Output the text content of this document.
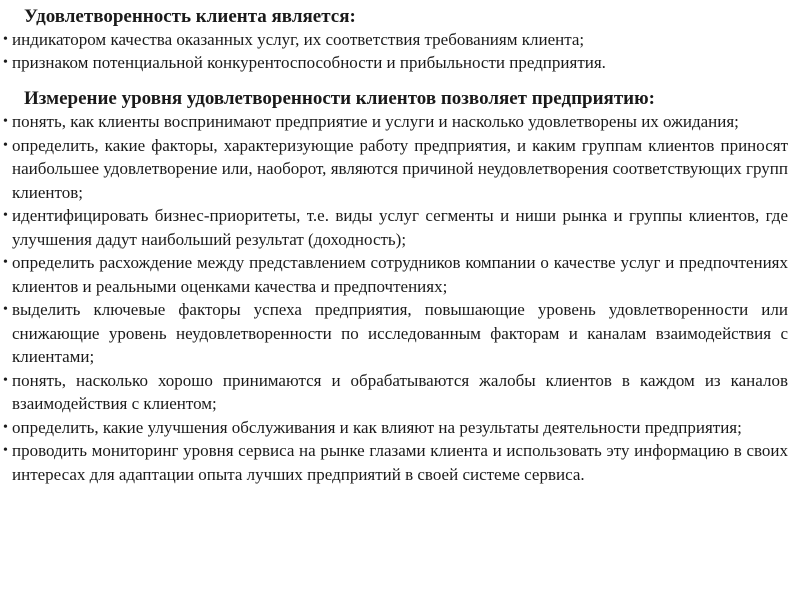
Удовлетворенность клиента является:
• индикатором качества оказанных услуг, их соответствия требованиям клиента;
• признаком потенциальной конкурентоспособности и прибыльности предприятия.
Измерение уровня удовлетворенности клиентов позволяет предприятию:
• понять, как клиенты воспринимают предприятие и услуги и насколько удовлетворены их ожидания;
• определить, какие факторы, характеризующие работу предприятия, и каким группам клиентов приносят наибольшее удовлетворение или, наоборот, являются причиной неудовлетворения соответствующих групп клиентов;
• идентифицировать бизнес-приоритеты, т.е. виды услуг сегменты и ниши рынка и группы клиентов, где улучшения дадут наибольший результат (доходность);
• определить расхождение между представлением сотрудников компании о качестве услуг и предпочтениях клиентов и реальными оценками качества и предпочтениях;
• выделить ключевые факторы успеха предприятия, повышающие уровень удовлетворенности или снижающие уровень неудовлетворенности по исследованным факторам и каналам взаимодействия с клиентами;
• понять, насколько хорошо принимаются и обрабатываются жалобы клиентов в каждом из каналов взаимодействия с клиентом;
• определить, какие улучшения обслуживания и как влияют на результаты деятельности предприятия;
• проводить мониторинг уровня сервиса на рынке глазами клиента и использовать эту информацию в своих интересах для адаптации опыта лучших предприятий в своей системе сервиса.
